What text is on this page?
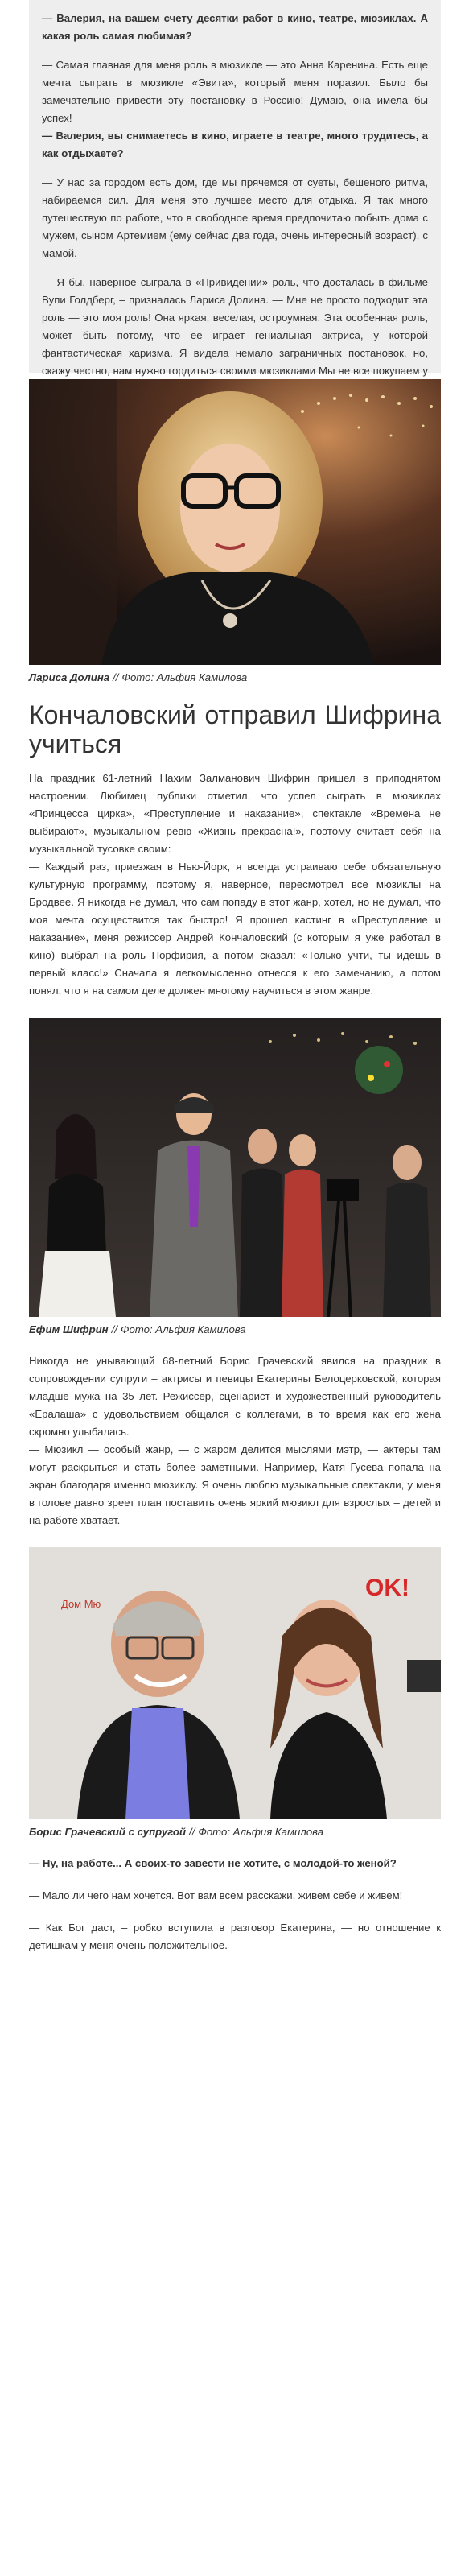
— Валерия, на вашем счету десятки работ в кино, театре, мюзиклах. А какая роль самая любимая?

— Самая главная для меня роль в мюзикле — это Анна Каренина. Есть еще мечта сыграть в мюзикле «Эвита», который меня поразил. Было бы замечательно привести эту постановку в Россию! Думаю, она имела бы успех!

— Валерия, вы снимаетесь в кино, играете в театре, много трудитесь, а как отдыхаете?

— У нас за городом есть дом, где мы прячемся от суеты, бешеного ритма, набираемся сил. Для меня это лучшее место для отдыха. Я так много путешествую по работе, что в свободное время предпочитаю побыть дома с мужем, сыном Артемием (ему сейчас два года, очень интересный возраст), с мамой.

— Я бы, наверное сыграла в «Привидении» роль, что досталась в фильме Вупи Голдберг, – призналась Лариса Долина. — Мне не просто подходит эта роль — это моя роль! Она яркая, веселая, остроумная. Эта особенная роль, может быть потому, что ее играет гениальная актриса, у которой фантастическая харизма. Я видела немало заграничных постановок, но, скажу честно, нам нужно гордиться своими мюзиклами Мы не все покупаем у

Лариса Долина // Фото: Альфия Камилова
Кончаловский отправил Шифрина учиться

На праздник 61-летний Нахим Залманович Шифрин пришел в приподнятом настроении. Любимец публики отметил, что успел сыграть в мюзиклах «Принцесса цирка», «Преступление и наказание», спектакле «Времена не выбирают», музыкальном ревю «Жизнь прекрасна!», поэтому считает себя на музыкальной тусовке своим:

— Каждый раз, приезжая в Нью-Йорк, я всегда устраиваю себе обязательную культурную программу, поэтому я, наверное, пересмотрел все мюзиклы на Бродвее. Я никогда не думал, что сам попаду в этот жанр, хотел, но не думал, что моя мечта осуществится так быстро! Я прошел кастинг в «Преступление и наказание», меня режиссер Андрей Кончаловский (с которым я уже работал в кино) выбрал на роль Порфирия, а потом сказал: «Только учти, ты идешь в первый класс!» Сначала я легкомысленно отнесся к его замечанию, а потом понял, что я на самом деле должен многому научиться в этом жанре.

Ефим Шифрин // Фото: Альфия Камилова

Никогда не унывающий 68-летний Борис Грачевский явился на праздник в сопровождении супруги – актрисы и певицы Екатерины Белоцерковской, которая младше мужа на 35 лет. Режиссер, сценарист и художественный руководитель «Ералаша» с удовольствием общался с коллегами, в то время как его жена скромно улыбалась.

— Мюзикл — особый жанр, — с жаром делится мыслями мэтр, — актеры там могут раскрыться и стать более заметными. Например, Катя Гусева попала на экран благодаря именно мюзиклу. Я очень люблю музыкальные спектакли, у меня в голове давно зреет план поставить очень яркий мюзикл для взрослых – детей и на работе хватает.

Дом Мю
OK!
Борис Грачевский с супругой // Фото: Альфия Камилова

— Ну, на работе... А своих-то завести не хотите, с молодой-то женой?

— Мало ли чего нам хочется. Вот вам всем расскажи, живем себе и живем!

— Как Бог даст, – робко вступила в разговор Екатерина, — но отношение к детишкам у меня очень положительное.
